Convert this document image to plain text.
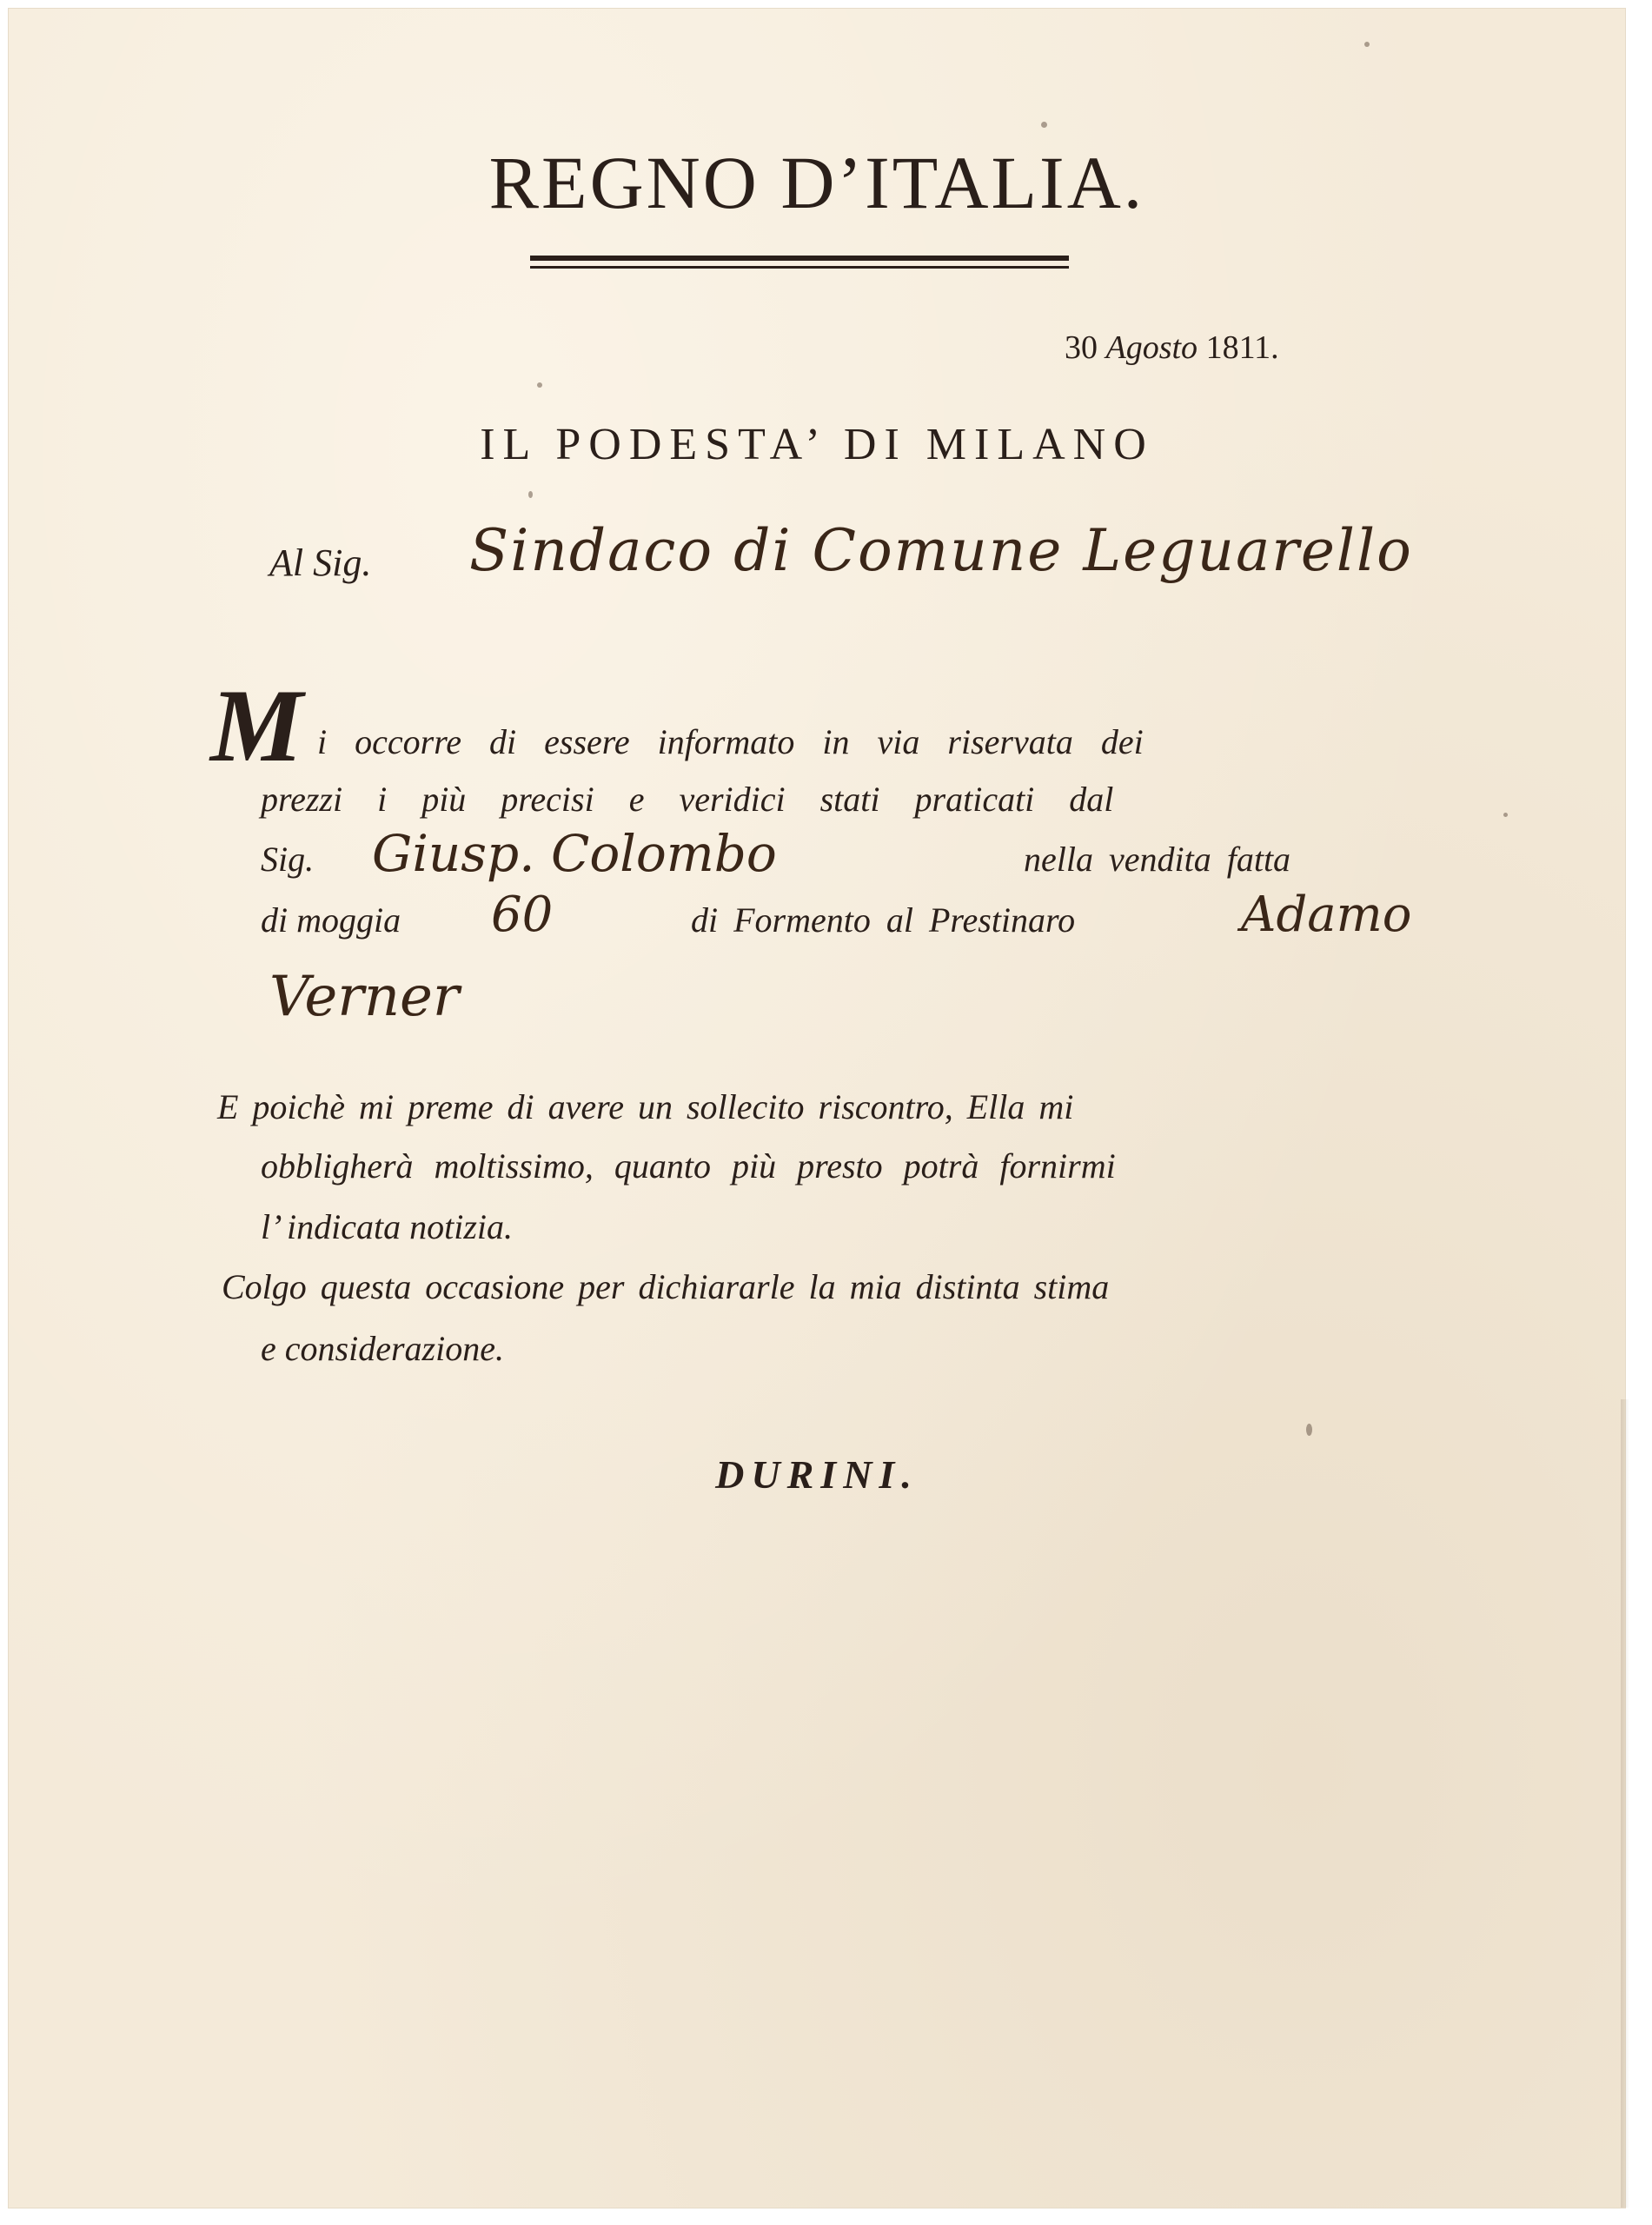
REGNO D’ITALIA.
30 Agosto 1811.
IL PODESTA’ DI MILANO
Al Sig. Sindaco di Comune Leguarello
M i occorre di essere informato in via riservata dei
prezzi i più precisi e veridici stati praticati dal
Sig. Giusp. Colombo	nella vendita fatta
di moggia 60	di Formento al Prestinaro	Adamo
Verner
E poichè mi preme di avere un sollecito riscontro, Ella mi
obbligherà moltissimo, quanto più presto potrà fornirmi
l’ indicata notizia.
Colgo questa occasione per dichiararle la mia distinta stima
e considerazione.
DURINI.
